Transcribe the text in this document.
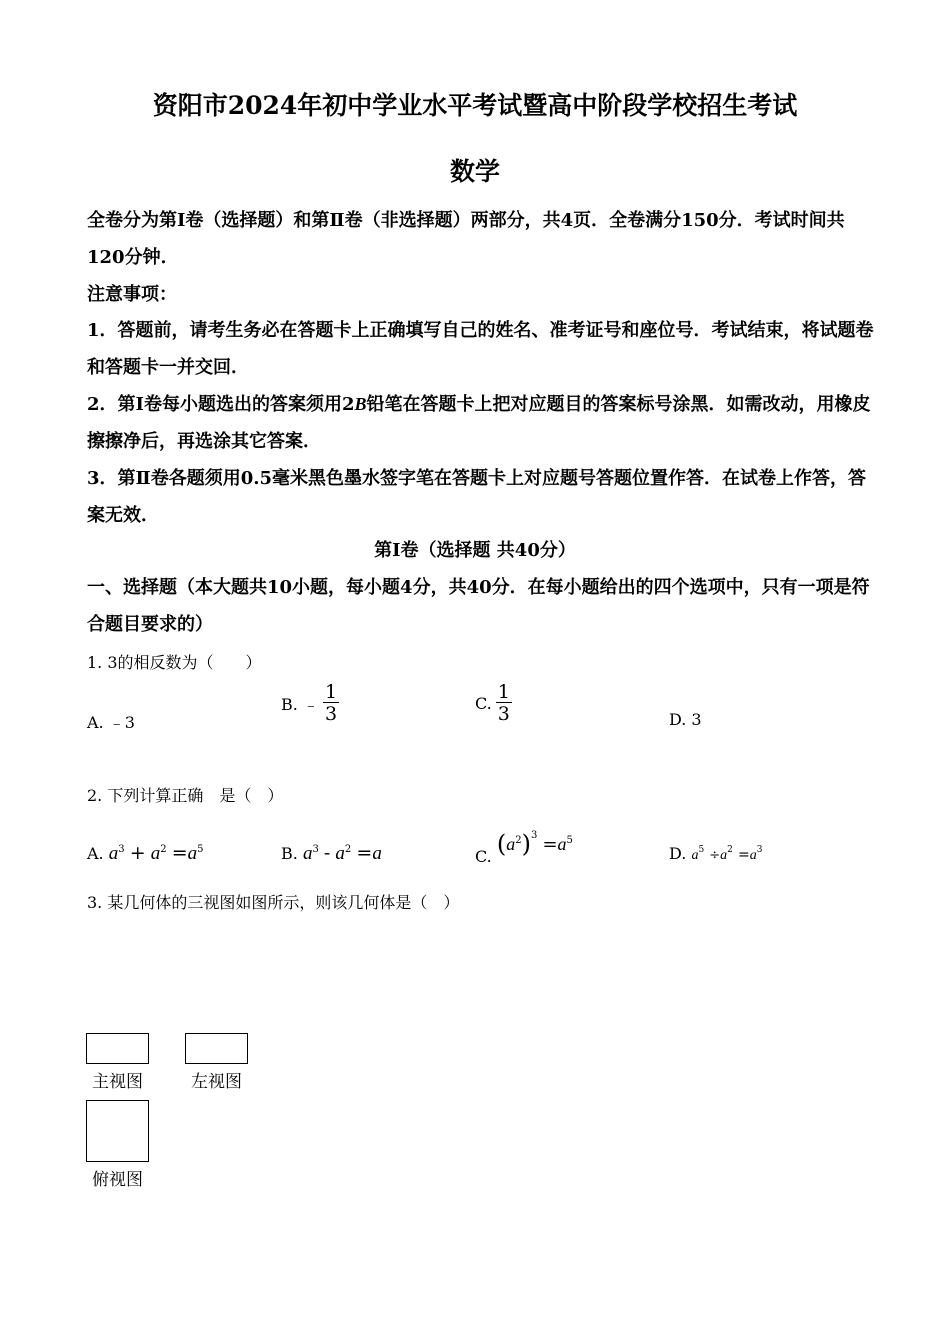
资阳市2024年初中学业水平考试暨高中阶段学校招生考试
数学
全卷分为第Ⅰ卷（选择题）和第Ⅱ卷（非选择题）两部分，共4页．全卷满分150分．考试时间共120分钟．
注意事项：
1．答题前，请考生务必在答题卡上正确填写自己的姓名、准考证号和座位号．考试结束，将试题卷和答题卡一并交回．
2．第Ⅰ卷每小题选出的答案须用2B铅笔在答题卡上把对应题目的答案标号涂黑．如需改动，用橡皮擦擦净后，再选涂其它答案．
3．第Ⅱ卷各题须用0.5毫米黑色墨水签字笔在答题卡上对应题号答题位置作答．在试卷上作答，答案无效．
第Ⅰ卷（选择题 共40分）
一、选择题（本大题共10小题，每小题4分，共40分．在每小题给出的四个选项中，只有一项是符合题目要求的）
1. 3的相反数为（　　）
A. ﹣3
B. ﹣ $\frac{1}{3}$	C. $\frac{1}{3}$	D. 3
2. 下列计算正确　是（　）
A. $a^3 + a^2 =a^5$	B. $a^3 - a^2 =a$	C. $(a^2)^3 =a^5$
D. $a^5 \div a^2 =a^3$
3. 某几何体的三视图如图所示，则该几何体是（　）
主视图	左视图
俯视图
